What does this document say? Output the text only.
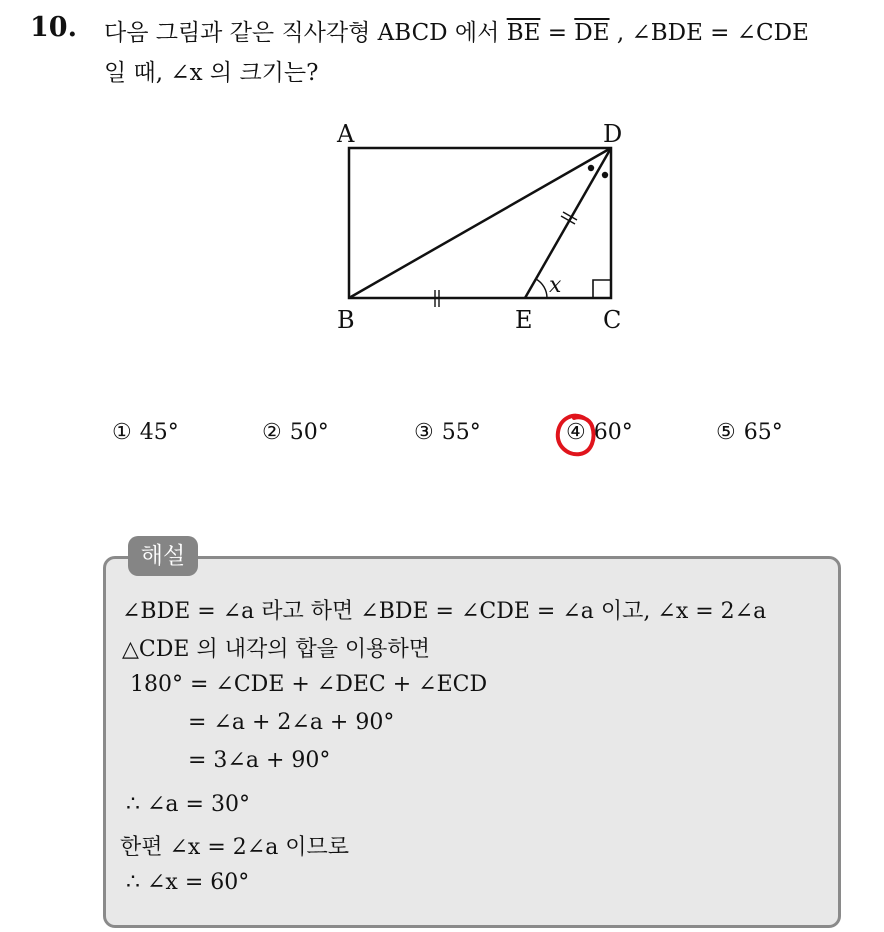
10. 다음 그림과 같은 직사각형 ABCD 에서 $\overline{BE} = \overline{DE}$ , ∠BDE = ∠CDE
일 때, ∠x 의 크기는?
A	D
B	E	C
x
① 45°	② 50°	③ 55°	④ 60°	⑤ 65°
해설
∠BDE = ∠a 라고 하면 ∠BDE = ∠CDE = ∠a 이고, ∠x = 2∠a
△CDE 의 내각의 합을 이용하면
180° = ∠CDE + ∠DEC + ∠ECD
= ∠a + 2∠a + 90°
= 3∠a + 90°
∴ ∠a = 30°
한편 ∠x = 2∠a 이므로
∴ ∠x = 60°
